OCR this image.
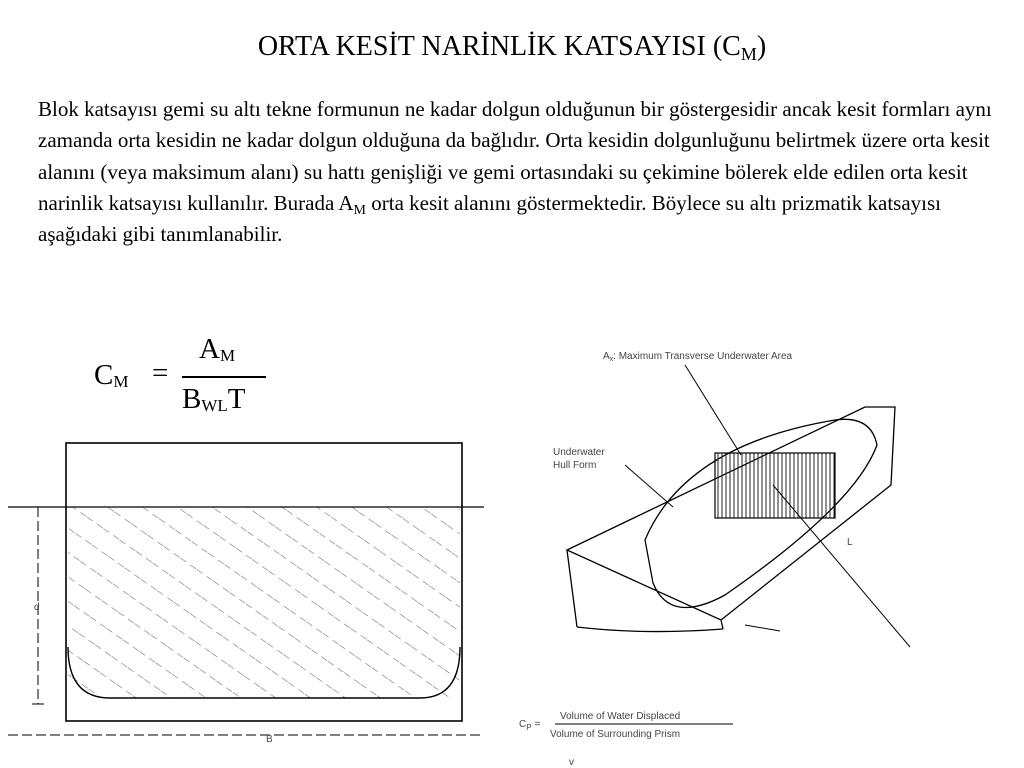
ORTA KESİT NARİNLİK KATSAYISI $(C_M)$
Blok katsayısı gemi su altı tekne formunun ne kadar dolgun olduğunun bir göstergesidir ancak kesit formları aynı zamanda orta kesidin ne kadar dolgun olduğuna da bağlıdır. Orta kesidin dolgunluğunu belirtmek üzere orta kesit alanını (veya maksimum alanı) su hattı genişliği ve gemi ortasındaki su çekimine bölerek elde edilen orta kesit narinlik katsayısı kullanılır. Burada $A_M$ orta kesit alanını göstermektedir. Böylece su altı prizmatik katsayısı aşağıdaki gibi tanımlanabilir.
$C_M$ =
$A_M$
$B_{WL}T$
d
B
$A_x$: Maximum Transverse Underwater Area
Underwater
Hull Form
L
$C_P$ =
Volume of Water Displaced
Volume of Surrounding Prism
v
